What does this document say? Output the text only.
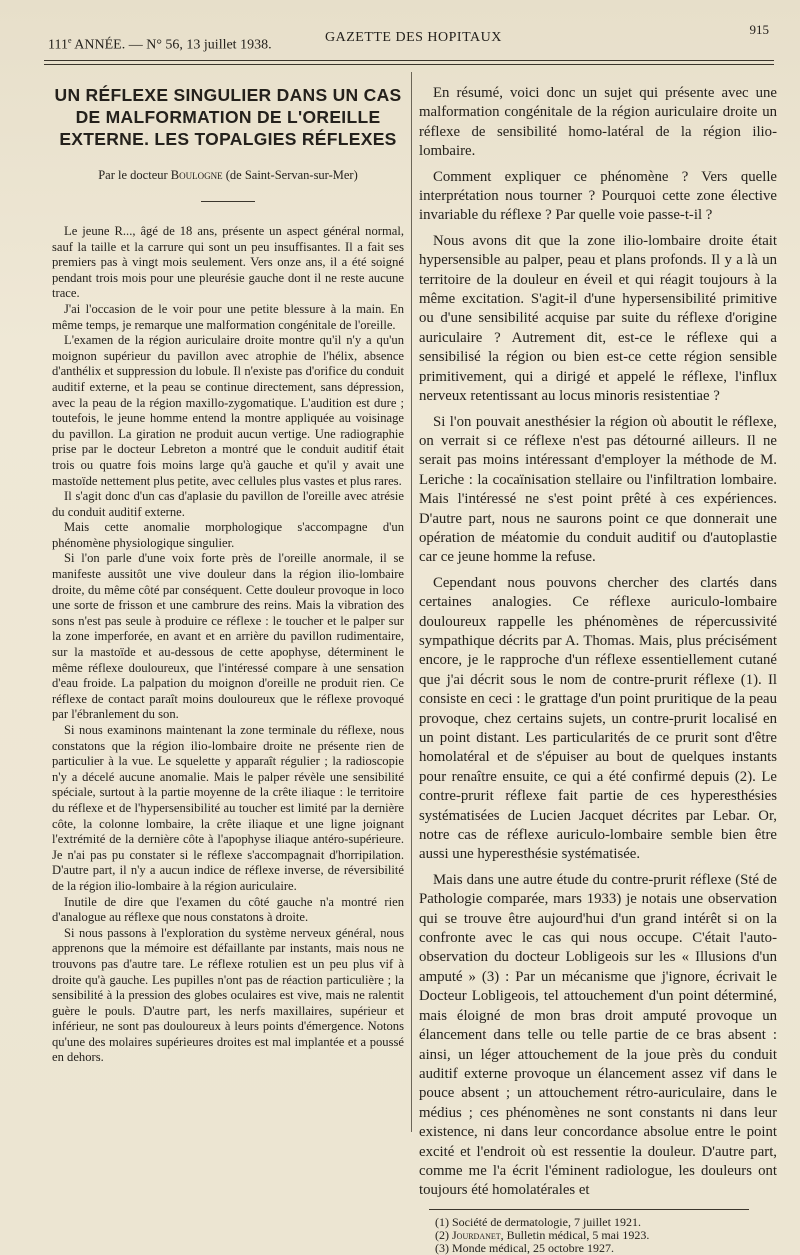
111e ANNÉE. — N° 56, 13 juillet 1938.
GAZETTE DES HOPITAUX
915
UN RÉFLEXE SINGULIER DANS UN CAS DE MALFORMATION DE L'OREILLE EXTERNE. LES TOPALGIES RÉFLEXES
Par le docteur Boulogne (de Saint-Servan-sur-Mer)

Le jeune R..., âgé de 18 ans, présente un aspect général normal, sauf la taille et la carrure qui sont un peu insuffisantes. Il a fait ses premiers pas à vingt mois seulement. Vers onze ans, il a été soigné pendant trois mois pour une pleurésie gauche dont il ne reste aucune trace.

J'ai l'occasion de le voir pour une petite blessure à la main. En même temps, je remarque une malformation congénitale de l'oreille.

L'examen de la région auriculaire droite montre qu'il n'y a qu'un moignon supérieur du pavillon avec atrophie de l'hélix, absence d'anthélix et suppression du lobule. Il n'existe pas d'orifice du conduit auditif externe, et la peau se continue directement, sans dépression, avec la peau de la région maxillo-zygomatique. L'audition est dure ; toutefois, le jeune homme entend la montre appliquée au voisinage du pavillon. La giration ne produit aucun vertige. Une radiographie prise par le docteur Lebreton a montré que le conduit auditif était trois ou quatre fois moins large qu'à gauche et qu'il y avait une mastoïde nettement plus petite, avec cellules plus vastes et plus rares.

Il s'agit donc d'un cas d'aplasie du pavillon de l'oreille avec atrésie du conduit auditif externe.

Mais cette anomalie morphologique s'accompagne d'un phénomène physiologique singulier.

Si l'on parle d'une voix forte près de l'oreille anormale, il se manifeste aussitôt une vive douleur dans la région ilio-lombaire droite, du même côté par conséquent. Cette douleur provoque in loco une sorte de frisson et une cambrure des reins. Mais la vibration des sons n'est pas seule à produire ce réflexe : le toucher et le palper sur la zone imperforée, en avant et en arrière du pavillon rudimentaire, sur la mastoïde et au-dessous de cette apophyse, déterminent le même réflexe douloureux, que l'intéressé compare à une sensation d'eau froide. La palpation du moignon d'oreille ne produit rien. Ce réflexe de contact paraît moins douloureux que le réflexe provoqué par l'ébranlement du son.

Si nous examinons maintenant la zone terminale du réflexe, nous constatons que la région ilio-lombaire droite ne présente rien de particulier à la vue. Le squelette y apparaît régulier ; la radioscopie n'y a décelé aucune anomalie. Mais le palper révèle une sensibilité spéciale, surtout à la partie moyenne de la crête iliaque : le territoire du réflexe et de l'hypersensibilité au toucher est limité par la dernière côte, la colonne lombaire, la crête iliaque et une ligne joignant l'extrémité de la dernière côte à l'apophyse iliaque antéro-supérieure. Je n'ai pas pu constater si le réflexe s'accompagnait d'horripilation. D'autre part, il n'y a aucun indice de réflexe inverse, de réversibilité de la région ilio-lombaire à la région auriculaire.

Inutile de dire que l'examen du côté gauche n'a montré rien d'analogue au réflexe que nous constatons à droite.

Si nous passons à l'exploration du système nerveux général, nous apprenons que la mémoire est défaillante par instants, mais nous ne trouvons pas d'autre tare. Le réflexe rotulien est un peu plus vif à droite qu'à gauche. Les pupilles n'ont pas de réaction particulière ; la sensibilité à la pression des globes oculaires est vive, mais ne ralentit guère le pouls. D'autre part, les nerfs maxillaires, supérieur et inférieur, ne sont pas douloureux à leurs points d'émergence. Notons qu'une des molaires supérieures droites est mal implantée et a poussé en dehors.

En résumé, voici donc un sujet qui présente avec une malformation congénitale de la région auriculaire droite un réflexe de sensibilité homo-latéral de la région ilio-lombaire.

Comment expliquer ce phénomène ? Vers quelle interprétation nous tourner ? Pourquoi cette zone élective invariable du réflexe ? Par quelle voie passe-t-il ?

Nous avons dit que la zone ilio-lombaire droite était hypersensible au palper, peau et plans profonds. Il y a là un territoire de la douleur en éveil et qui réagit toujours à la même excitation. S'agit-il d'une hypersensibilité primitive ou d'une sensibilité acquise par suite du réflexe d'origine auriculaire ? Autrement dit, est-ce le réflexe qui a sensibilisé la région ou bien est-ce cette région sensible primitivement, qui a dirigé et appelé le réflexe, l'influx nerveux retentissant au locus minoris resistentiae ?

Si l'on pouvait anesthésier la région où aboutit le réflexe, on verrait si ce réflexe n'est pas détourné ailleurs. Il ne serait pas moins intéressant d'employer la méthode de M. Leriche : la cocaïnisation stellaire ou l'infiltration lombaire. Mais l'intéressé ne s'est point prêté à ces expériences. D'autre part, nous ne saurons point ce que donnerait une opération de méatomie du conduit auditif ou d'autoplastie car ce jeune homme la refuse.

Cependant nous pouvons chercher des clartés dans certaines analogies. Ce réflexe auriculo-lombaire douloureux rappelle les phénomènes de répercussivité sympathique décrits par A. Thomas. Mais, plus précisément encore, je le rapproche d'un réflexe essentiellement cutané que j'ai décrit sous le nom de contre-prurit réflexe (1). Il consiste en ceci : le grattage d'un point pruritique de la peau provoque, chez certains sujets, un contre-prurit localisé en un point distant. Les particularités de ce prurit sont d'être homolatéral et de s'épuiser au bout de quelques instants pour renaître ensuite, ce qui a été confirmé depuis (2). Le contre-prurit réflexe fait partie de ces hyperesthésies systématisées de Lucien Jacquet décrites par Lebar. Or, notre cas de réflexe auriculo-lombaire semble bien être aussi une hyperesthésie systématisée.

Mais dans une autre étude du contre-prurit réflexe (Sté de Pathologie comparée, mars 1933) je notais une observation qui se trouve être aujourd'hui d'un grand intérêt si on la confronte avec le cas qui nous occupe. C'était l'auto-observation du docteur Lobligeois sur les « Illusions d'un amputé » (3) : Par un mécanisme que j'ignore, écrivait le Docteur Lobligeois, tel attouchement d'un point déterminé, mais éloigné de mon bras droit amputé provoque un élancement dans telle ou telle partie de ce bras absent : ainsi, un léger attouchement de la joue près du conduit auditif externe provoque un élancement assez vif dans le pouce absent ; un attouchement rétro-auriculaire, dans le médius ; ces phénomènes ne sont constants ni dans leur existence, ni dans leur concordance absolue entre le point excité et l'endroit où est ressentie la douleur. D'autre part, comme me l'a écrit l'éminent radiologue, les douleurs ont toujours été homolatérales et

(1) Société de dermatologie, 7 juillet 1921.
(2) Jourdanet, Bulletin médical, 5 mai 1923.
(3) Monde médical, 25 octobre 1927.
